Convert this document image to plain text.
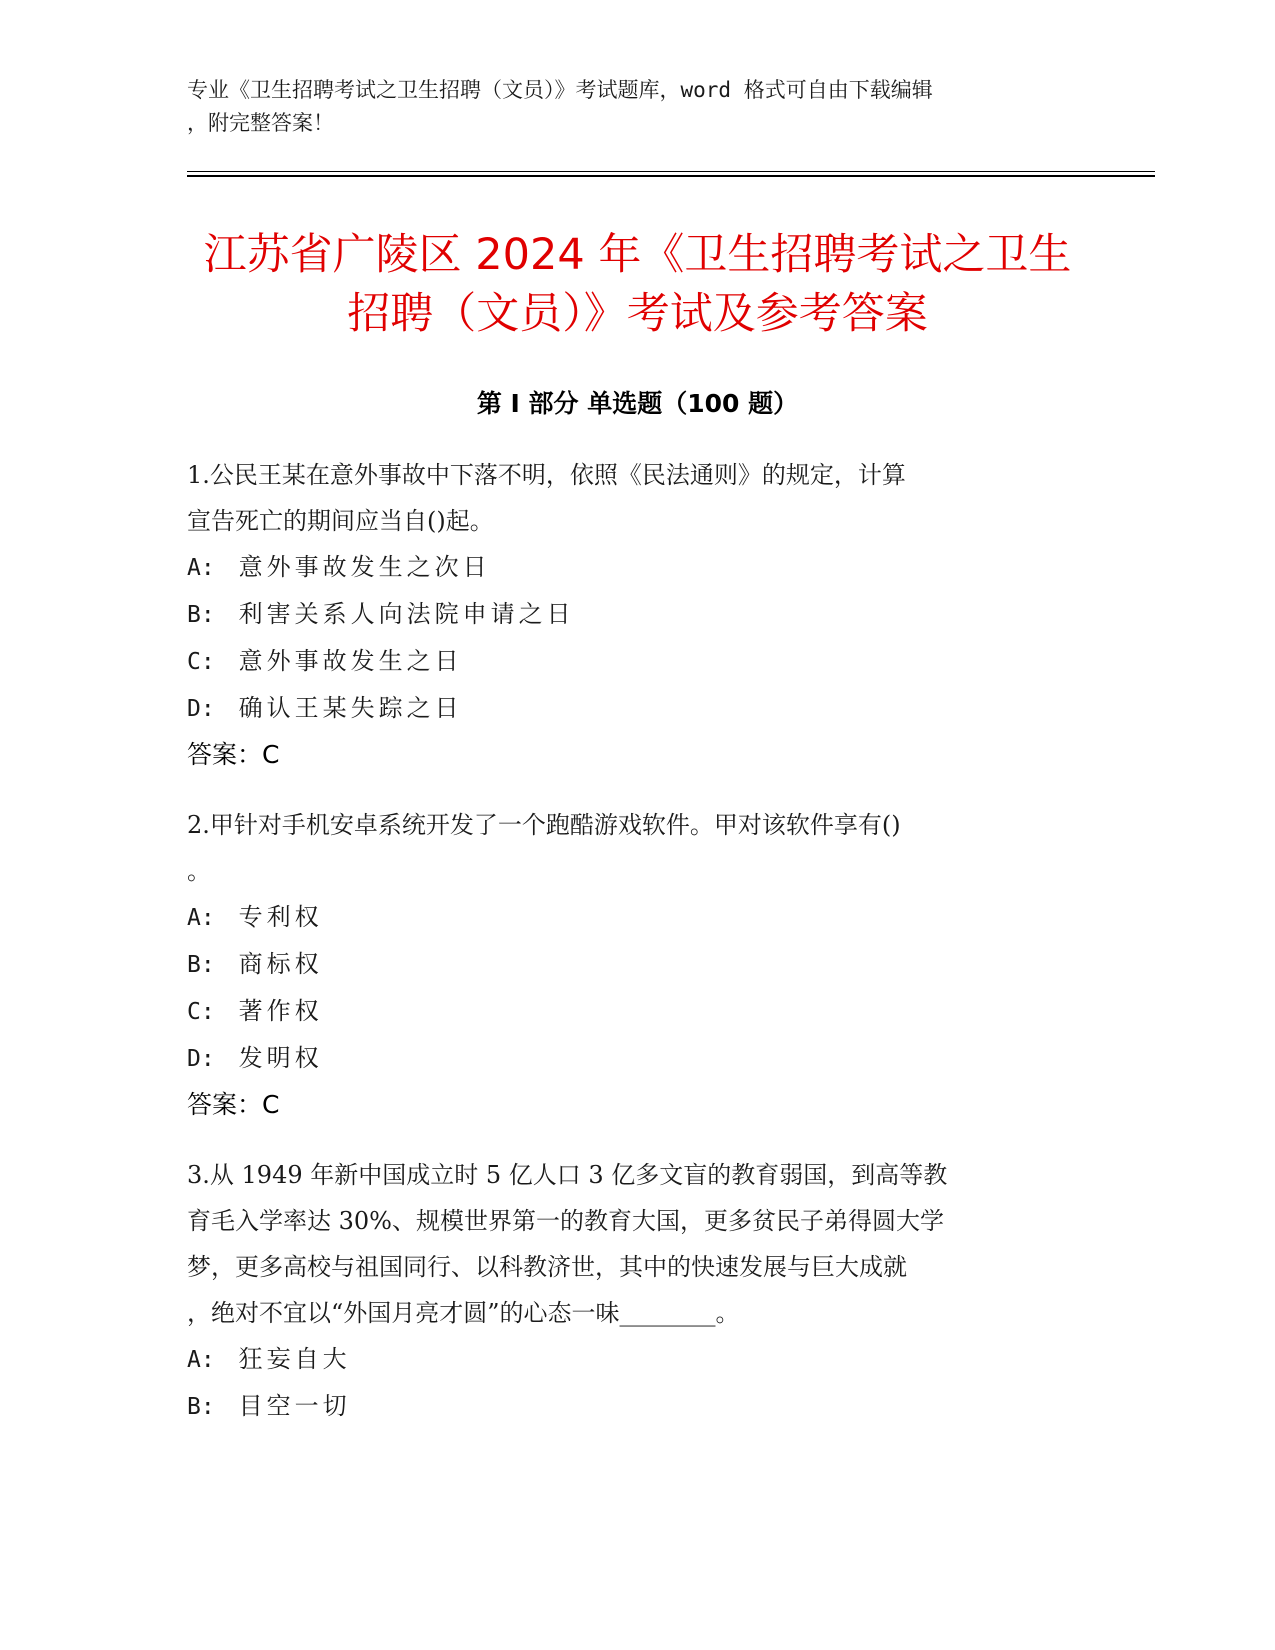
专业《卫生招聘考试之卫生招聘（文员）》考试题库，word 格式可自由下载编辑
，附完整答案！
江苏省广陵区 2024 年《卫生招聘考试之卫生
招聘（文员）》考试及参考答案
第 I 部分 单选题（100 题）

1.公民王某在意外事故中下落不明，依照《民法通则》的规定，计算
宣告死亡的期间应当自()起。

A: 意外事故发生之次日

B: 利害关系人向法院申请之日

C: 意外事故发生之日

D: 确认王某失踪之日

答案：C

2.甲针对手机安卓系统开发了一个跑酷游戏软件。甲对该软件享有()
。

A: 专利权

B: 商标权

C: 著作权

D: 发明权

答案：C

3.从 1949 年新中国成立时 5 亿人口 3 亿多文盲的教育弱国，到高等教
育毛入学率达 30%、规模世界第一的教育大国，更多贫民子弟得圆大学
梦，更多高校与祖国同行、以科教济世，其中的快速发展与巨大成就
，绝对不宜以“外国月亮才圆”的心态一味________。

A: 狂妄自大

B: 目空一切
